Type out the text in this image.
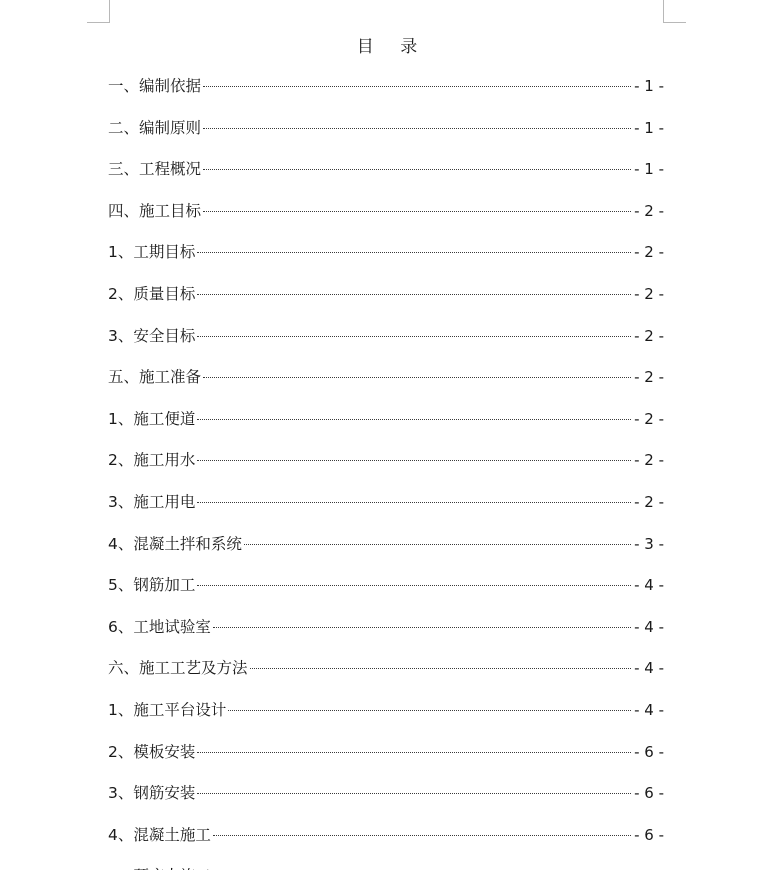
目    录
一、编制依据	- 1 -
二、编制原则	- 1 -
三、工程概况	- 1 -
四、施工目标	- 2 -
1、工期目标	- 2 -
2、质量目标	- 2 -
3、安全目标	- 2 -
五、施工准备	- 2 -
1、施工便道	- 2 -
2、施工用水	- 2 -
3、施工用电	- 2 -
4、混凝土拌和系统	- 3 -
5、钢筋加工	- 4 -
6、工地试验室	- 4 -
六、施工工艺及方法	- 4 -
1、施工平台设计	- 4 -
2、模板安装	- 6 -
3、钢筋安装	- 6 -
4、混凝土施工	- 6 -
